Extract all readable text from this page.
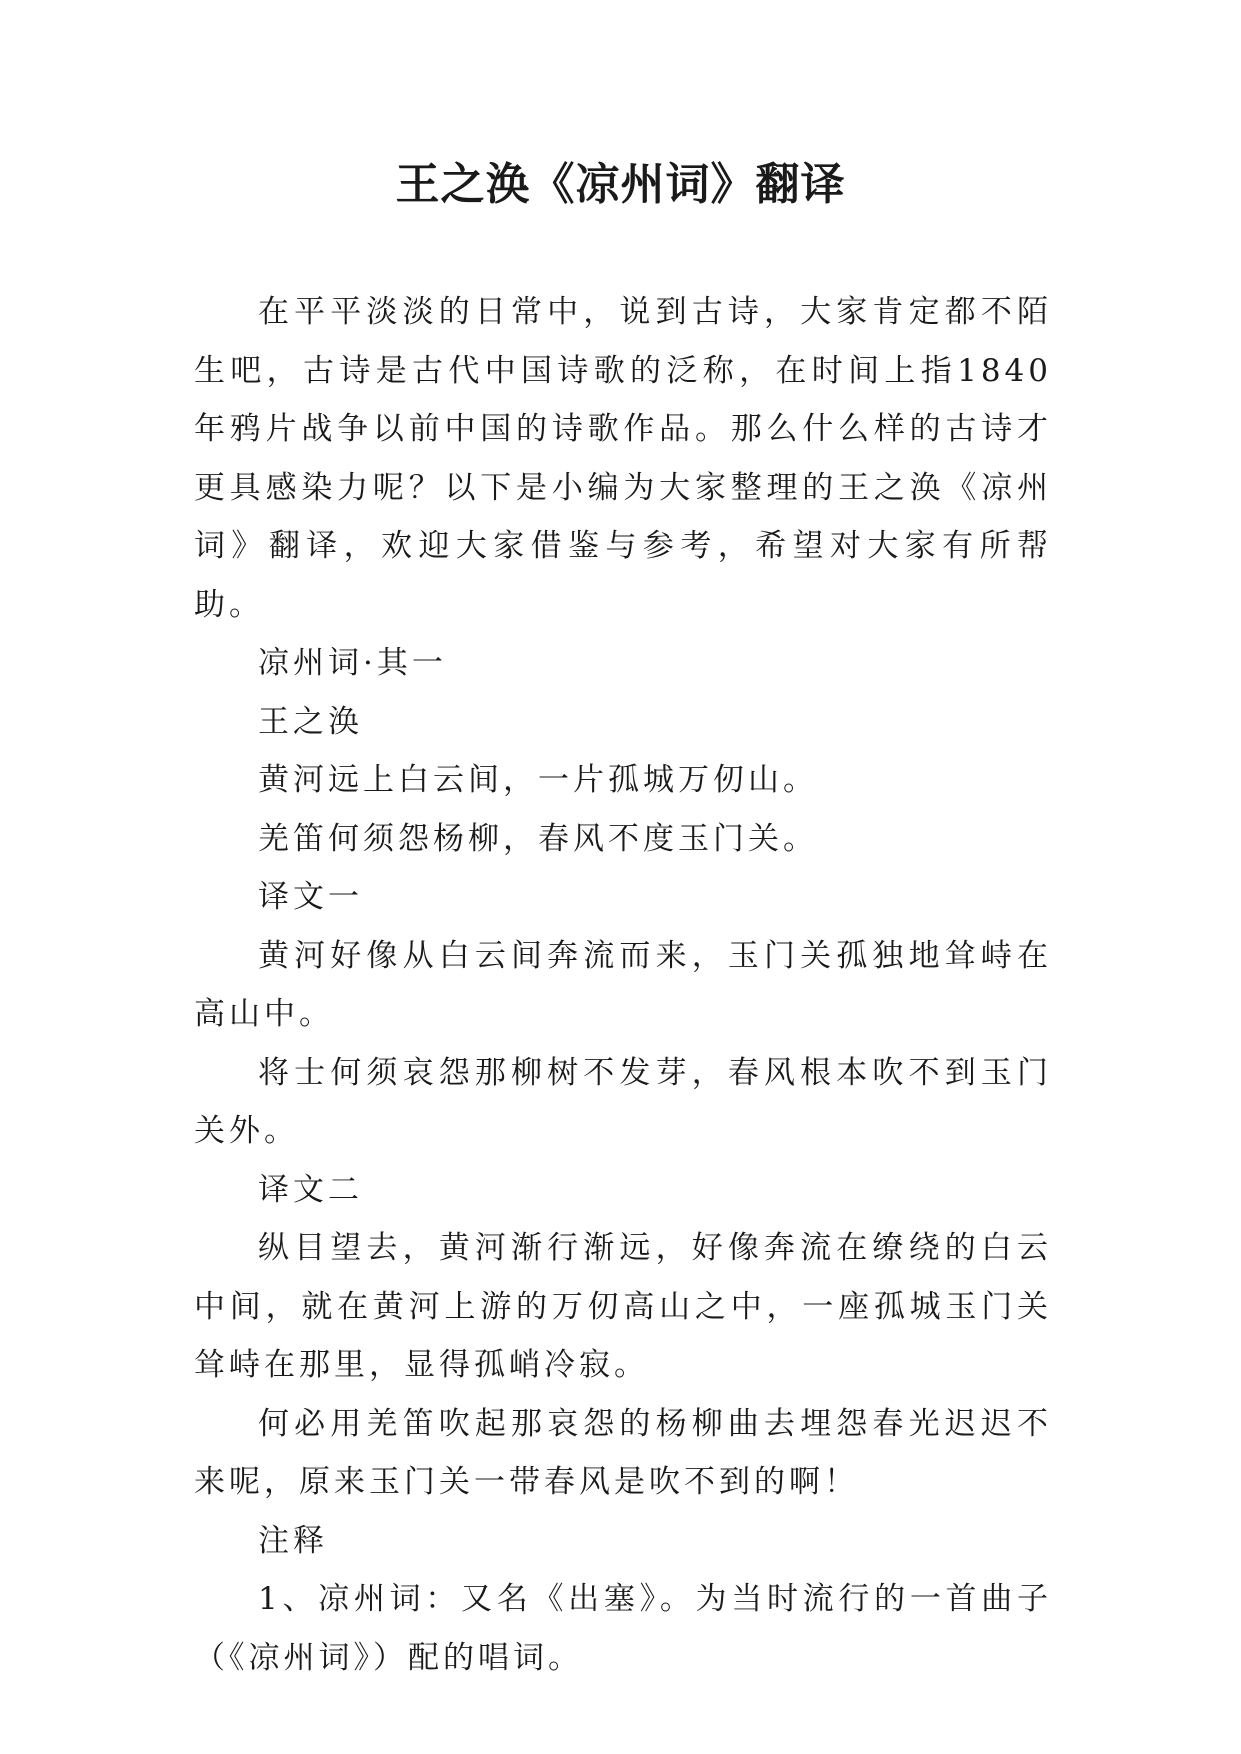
王之涣《凉州词》翻译

在平平淡淡的日常中，说到古诗，大家肯定都不陌生吧，古诗是古代中国诗歌的泛称，在时间上指1840年鸦片战争以前中国的诗歌作品。那么什么样的古诗才更具感染力呢？以下是小编为大家整理的王之涣《凉州词》翻译，欢迎大家借鉴与参考，希望对大家有所帮助。

凉州词·其一

王之涣

黄河远上白云间，一片孤城万仞山。

羌笛何须怨杨柳，春风不度玉门关。

译文一

黄河好像从白云间奔流而来，玉门关孤独地耸峙在高山中。

将士何须哀怨那柳树不发芽，春风根本吹不到玉门关外。

译文二

纵目望去，黄河渐行渐远，好像奔流在缭绕的白云中间，就在黄河上游的万仞高山之中，一座孤城玉门关耸峙在那里，显得孤峭冷寂。

何必用羌笛吹起那哀怨的杨柳曲去埋怨春光迟迟不来呢，原来玉门关一带春风是吹不到的啊！

注释

1、凉州词：又名《出塞》。为当时流行的一首曲子（《凉州词》）配的唱词。
